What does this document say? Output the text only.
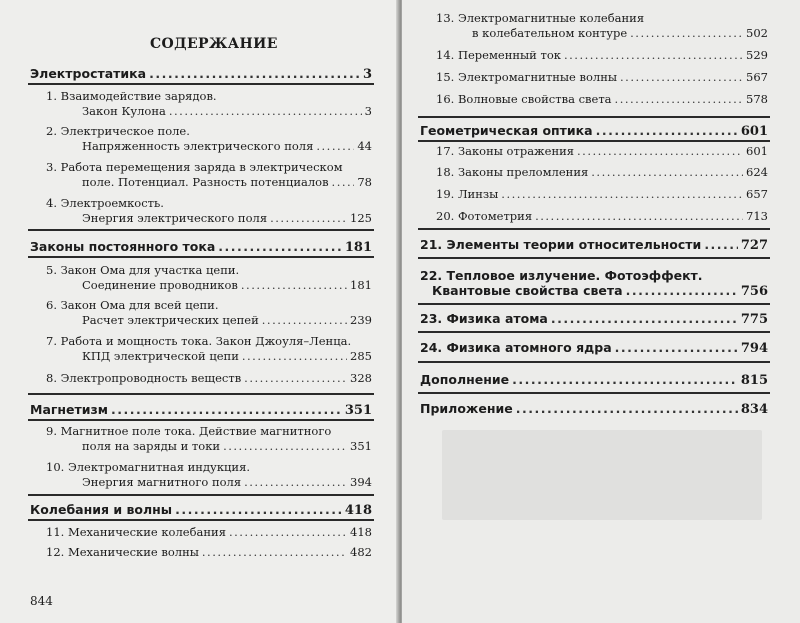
СОДЕРЖАНИЕ
Электростатика .....	3
1. Взаимодействие зарядов.
Закон Кулона .....	3
2. Электрическое поле.
Напряженность электрического поля .....	44
3. Работа перемещения заряда в электрическом
поле. Потенциал. Разность потенциалов .....	78
4. Электроемкость.
Энергия электрического поля .....	125
Законы постоянного тока .....	181
5. Закон Ома для участка цепи.
Соединение проводников .....	181
6. Закон Ома для всей цепи.
Расчет электрических цепей .....	239
7. Работа и мощность тока. Закон Джоуля–Ленца.
КПД электрической цепи .....	285
8. Электропроводность веществ .....	328
Магнетизм .....	351
9. Магнитное поле тока. Действие магнитного
поля на заряды и токи .....	351
10. Электромагнитная индукция.
Энергия магнитного поля .....	394
Колебания и волны .....	418
11. Механические колебания .....	418
12. Механические волны .....	482
844
13. Электромагнитные колебания
в колебательном контуре .....	502
14. Переменный ток .....	529
15. Электромагнитные волны .....	567
16. Волновые свойства света .....	578
Геометрическая оптика .....	601
17. Законы отражения .....	601
18. Законы преломления .....	624
19. Линзы .....	657
20. Фотометрия .....	713
21. Элементы теории относительности .....	727
22. Тепловое излучение. Фотоэффект.
Квантовые свойства света .....	756
23. Физика атома .....	775
24. Физика атомного ядра .....	794
Дополнение .....	815
Приложение .....	834
